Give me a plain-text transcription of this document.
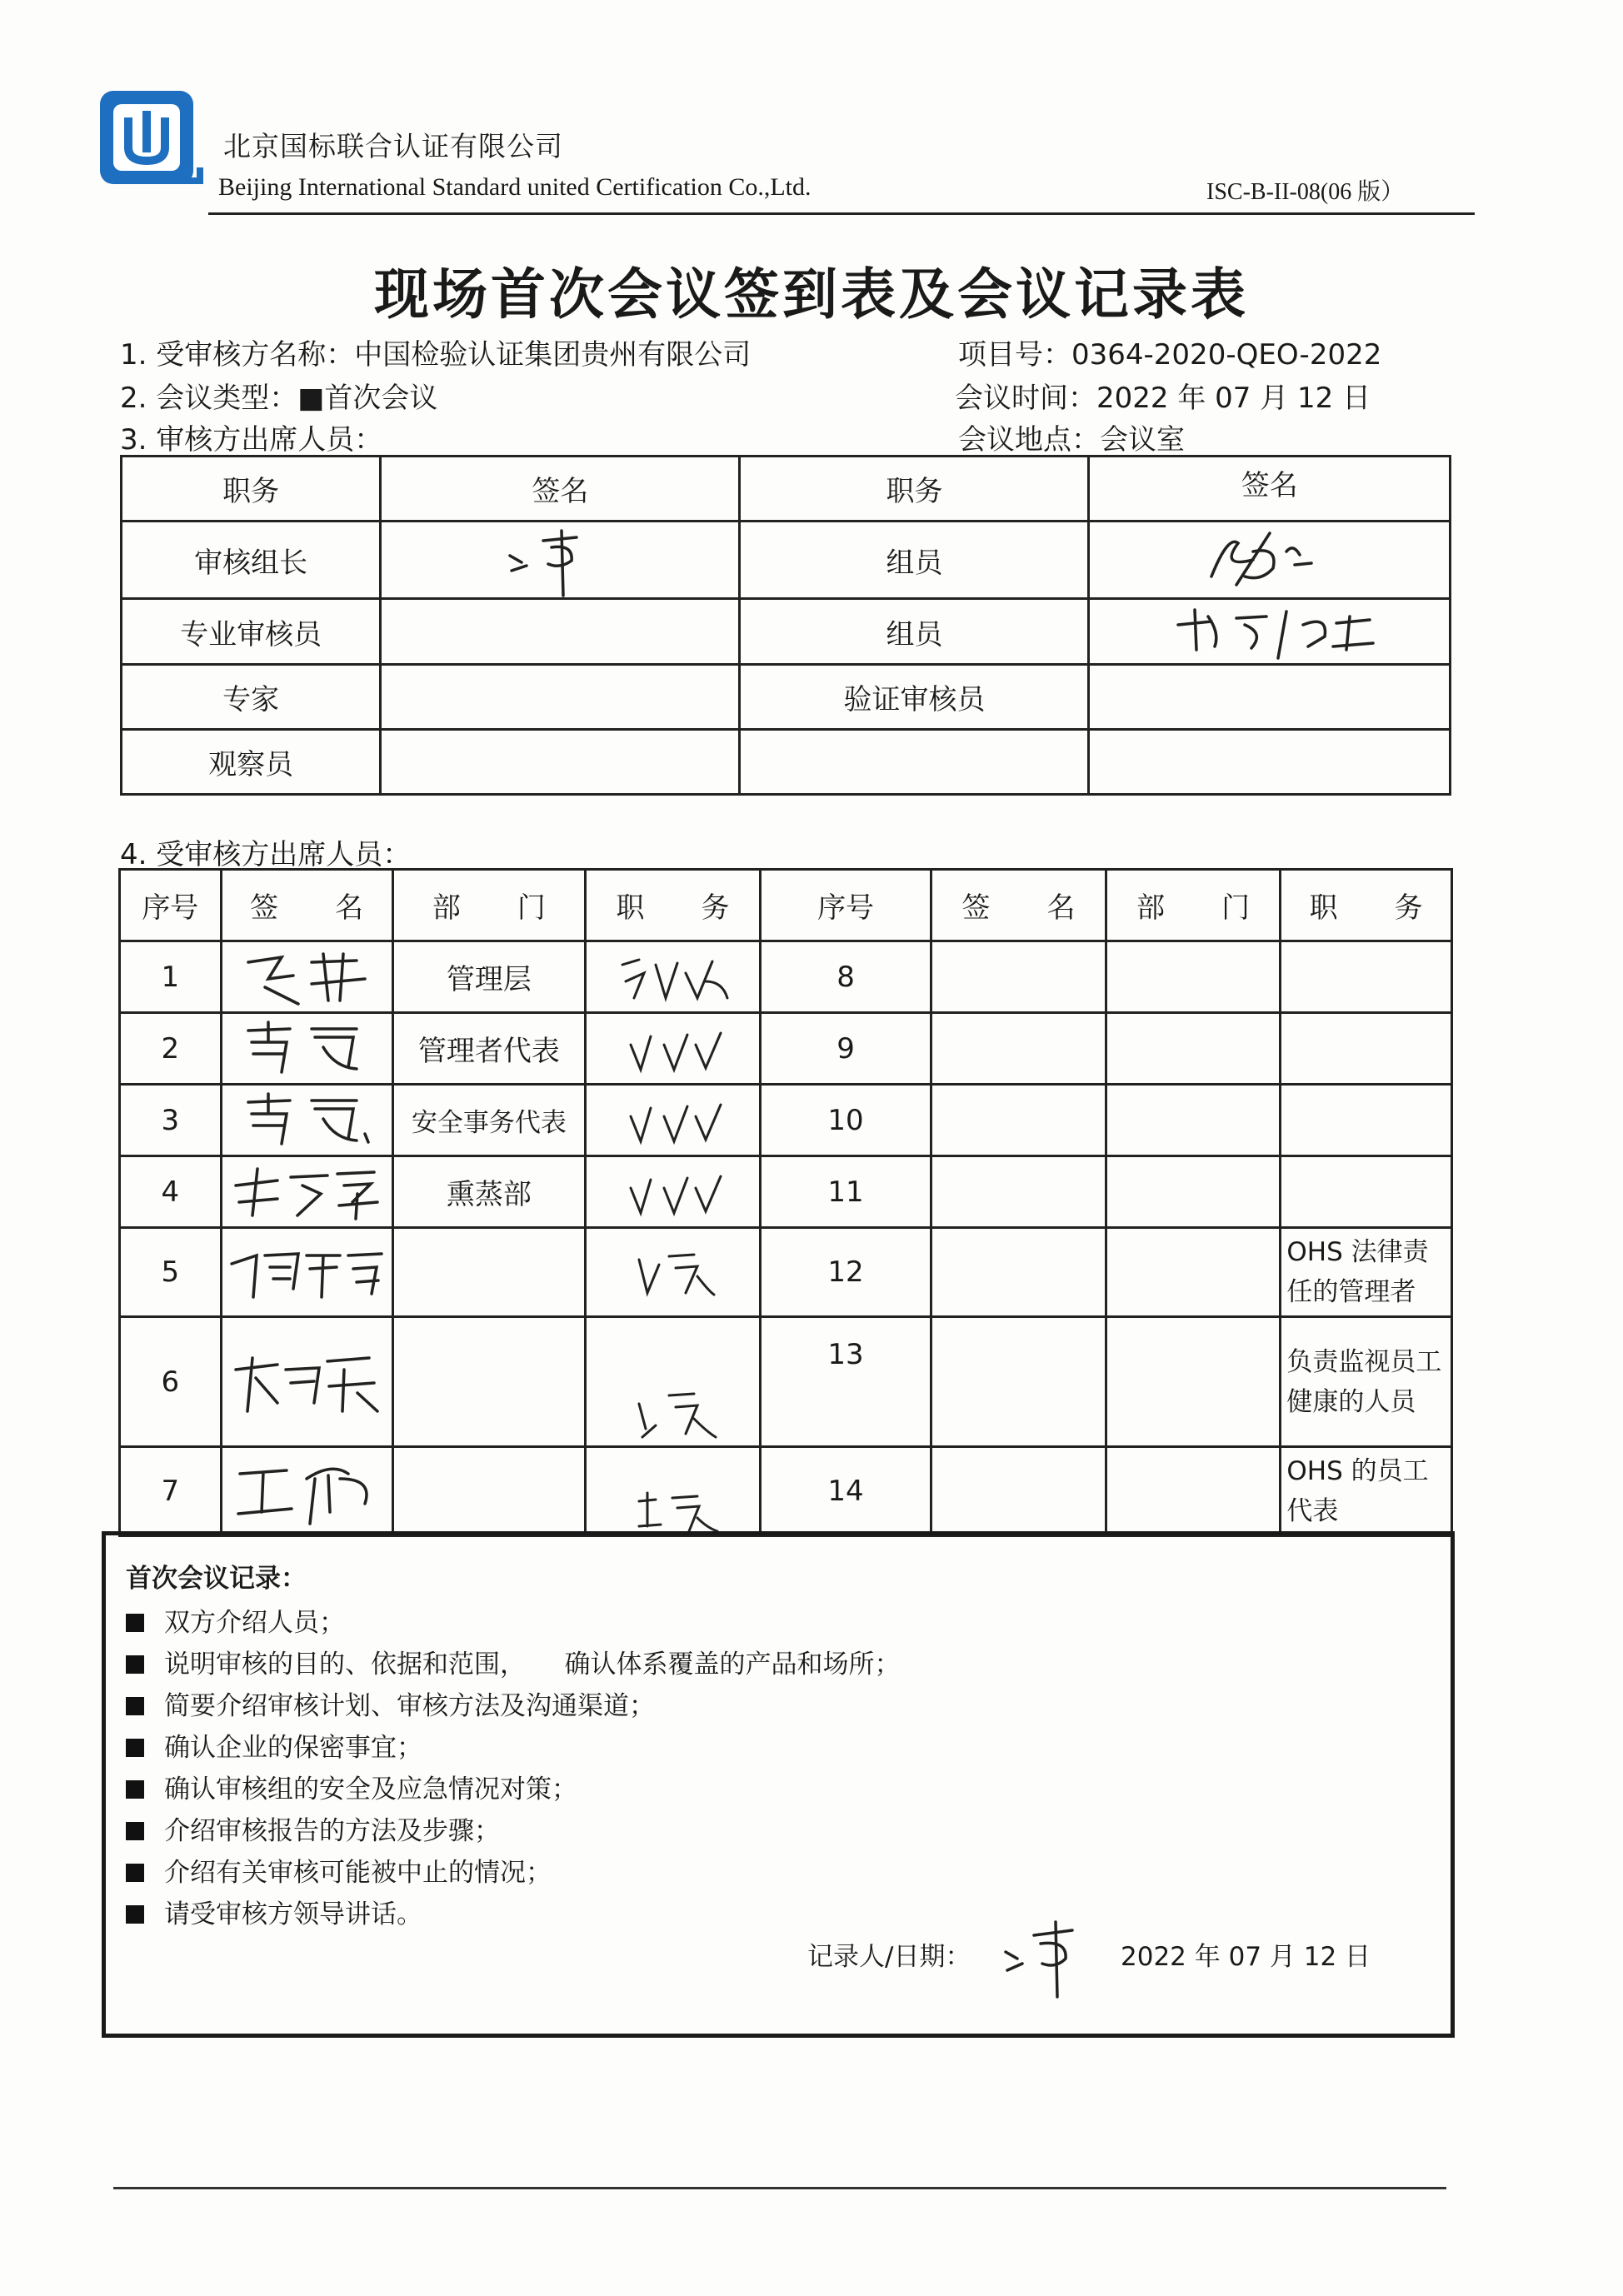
北京国标联合认证有限公司
Beijing International Standard united Certification Co.,Ltd.	ISC-B-II-08(06 版）
现场首次会议签到表及会议记录表
1. 受审核方名称：中国检验认证集团贵州有限公司	项目号：0364-2020-QEO-2022
2. 会议类型：■首次会议	会议时间：2022 年 07 月 12 日
3. 审核方出席人员：	会议地点：会议室
职务	签名	职务	签名
审核组长		组员	

专业审核员		组员	

专家		验证审核员	
观察员			
4. 受审核方出席人员：
序号	签　　名	部　　门	职　　务	序号	签　　名	部　　门	职　　务
1		管理层		8			
2		管理者代表		9			
3		安全事务代表		10			
4		熏蒸部		11			
5				12			OHS 法律责任的管理者
6				13			负责监视员工健康的人员
7				14			OHS 的员工代表
首次会议记录：
双方介绍人员；
说明审核的目的、依据和范围，　　确认体系覆盖的产品和场所；
简要介绍审核计划、审核方法及沟通渠道；
确认企业的保密事宜；
确认审核组的安全及应急情况对策；
介绍审核报告的方法及步骤；
介绍有关审核可能被中止的情况；
请受审核方领导讲话。
记录人/日期：	2022 年 07 月 12 日
